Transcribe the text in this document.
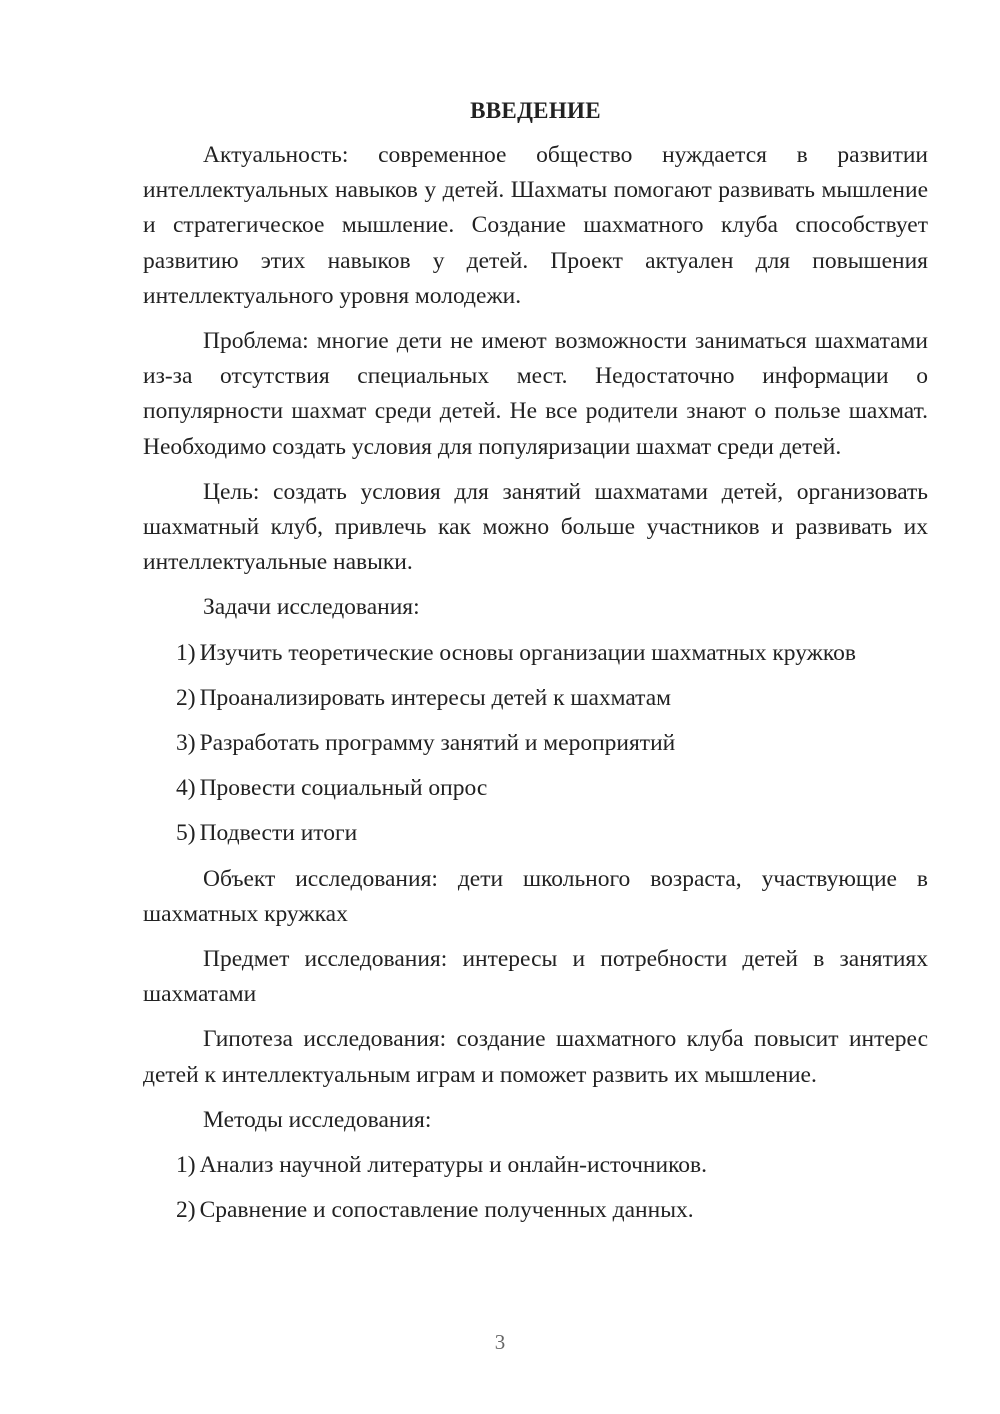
ВВЕДЕНИЕ

Актуальность: современное общество нуждается в развитии интеллектуальных навыков у детей. Шахматы помогают развивать мышление и стратегическое мышление. Создание шахматного клуба способствует развитию этих навыков у детей. Проект актуален для повышения интеллектуального уровня молодежи.

Проблема: многие дети не имеют возможности заниматься шахматами из-за отсутствия специальных мест. Недостаточно информации о популярности шахмат среди детей. Не все родители знают о пользе шахмат. Необходимо создать условия для популяризации шахмат среди детей.

Цель: создать условия для занятий шахматами детей, организовать шахматный клуб, привлечь как можно больше участников и развивать их интеллектуальные навыки.

Задачи исследования:

1) Изучить теоретические основы организации шахматных кружков
2) Проанализировать интересы детей к шахматам
3) Разработать программу занятий и мероприятий
4) Провести социальный опрос
5) Подвести итоги

Объект исследования: дети школьного возраста, участвующие в шахматных кружках

Предмет исследования: интересы и потребности детей в занятиях шахматами

Гипотеза исследования: создание шахматного клуба повысит интерес детей к интеллектуальным играм и поможет развить их мышление.

Методы исследования:

1) Анализ научной литературы и онлайн-источников.
2) Сравнение и сопоставление полученных данных.
3
